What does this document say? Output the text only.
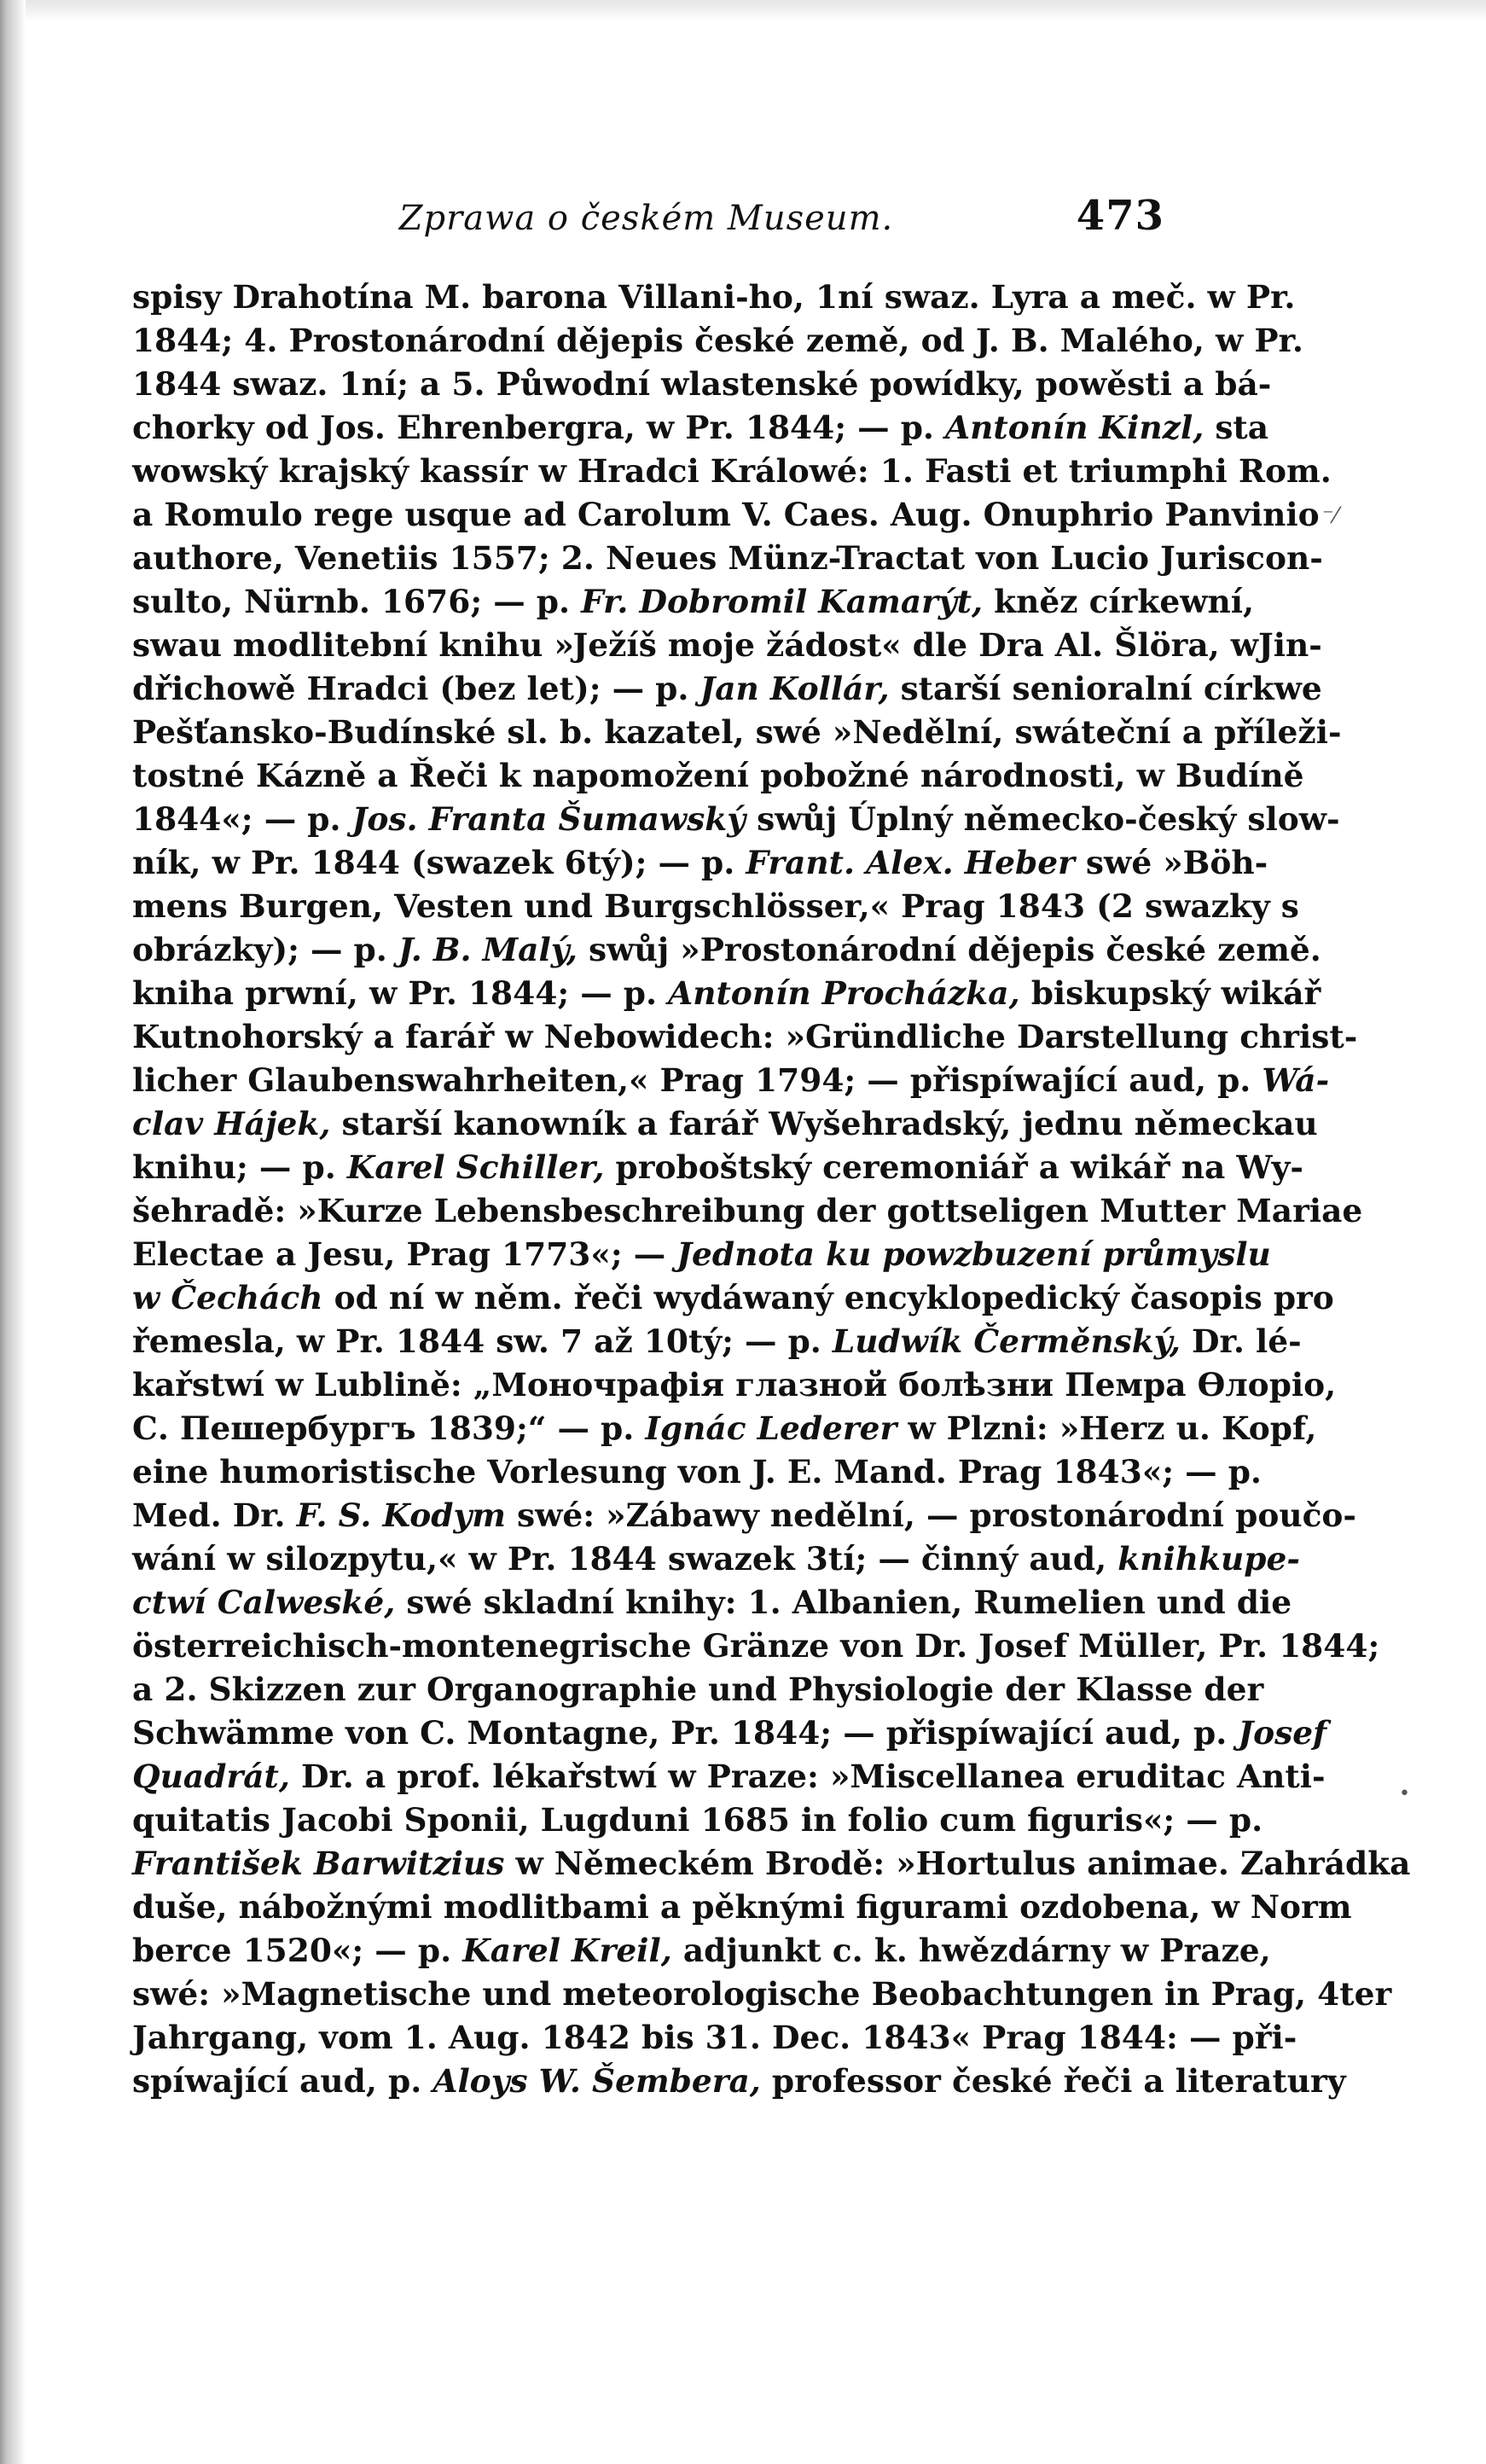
⁻⁄
•
Zprawa o českém Museum.	473
spisy Drahotína M. barona Villani-ho, 1ní swaz. Lyra a meč. w Pr.
1844; 4. Prostonárodní dějepis české země, od J. B. Malého, w Pr.
1844 swaz. 1ní; a 5. Půwodní wlastenské powídky, powěsti a bá-
chorky od Jos. Ehrenbergra, w Pr. 1844; — p. Antonín Kinzl, sta
wowský krajský kassír w Hradci Králowé: 1. Fasti et triumphi Rom.
a Romulo rege usque ad Carolum V. Caes. Aug. Onuphrio Panvinio
authore, Venetiis 1557; 2. Neues Münz-Tractat von Lucio Juriscon-
sulto, Nürnb. 1676; — p. Fr. Dobromil Kamarýt, kněz církewní,
swau modlitební knihu »Ježíš moje žádost« dle Dra Al. Šlöra, wJin-
dřichowě Hradci (bez let); — p. Jan Kollár, starší senioralní církwe
Pešťansko-Budínské sl. b. kazatel, swé »Nedělní, swáteční a příleži-
tostné Kázně a Řeči k napomožení pobožné národnosti, w Budíně
1844«; — p. Jos. Franta Šumawský swůj Úplný německo-český slow-
ník, w Pr. 1844 (swazek 6tý); — p. Frant. Alex. Heber swé »Böh-
mens Burgen, Vesten und Burgschlösser,« Prag 1843 (2 swazky s
obrázky); — p. J. B. Malý, swůj »Prostonárodní dějepis české země.
kniha prwní, w Pr. 1844; — p. Antonín Procházka, biskupský wikář
Kutnohorský a farář w Nebowidech: »Gründliche Darstellung christ-
licher Glaubenswahrheiten,« Prag 1794; — přispíwající aud, p. Wá-
clav Hájek, starší kanowník a farář Wyšehradský, jednu německau
knihu; — p. Karel Schiller, proboštský ceremoniář a wikář na Wy-
šehradě: »Kurze Lebensbeschreibung der gottseligen Mutter Mariae
Electae a Jesu, Prag 1773«; — Jednota ku powzbuzení průmyslu
w Čechách od ní w něm. řeči wydáwaný encyklopedický časopis pro
řemesla, w Pr. 1844 sw. 7 až 10tý; — p. Ludwík Čerměnský, Dr. lé-
kařstwí w Lublině: „Моночрафія глазной болѣзни Пемра Өлорio,
С. Пешербургъ 1839;“ — p. Ignác Lederer w Plzni: »Herz u. Kopf,
eine humoristische Vorlesung von J. E. Mand. Prag 1843«; — p.
Med. Dr. F. S. Kodym swé: »Zábawy nedělní, — prostonárodní poučo-
wání w silozpytu,« w Pr. 1844 swazek 3tí; — činný aud, knihkupe-
ctwí Calweské, swé skladní knihy: 1. Albanien, Rumelien und die
österreichisch-montenegrische Gränze von Dr. Josef Müller, Pr. 1844;
a 2. Skizzen zur Organographie und Physiologie der Klasse der
Schwämme von C. Montagne, Pr. 1844; — přispíwající aud, p. Josef
Quadrát, Dr. a prof. lékařstwí w Praze: »Miscellanea eruditac Anti-
quitatis Jacobi Sponii, Lugduni 1685 in folio cum figuris«; — p.
František Barwitzius w Německém Brodě: »Hortulus animae. Zahrádka
duše, nábožnými modlitbami a pěknými figurami ozdobena, w Norm
berce 1520«; — p. Karel Kreil, adjunkt c. k. hwězdárny w Praze,
swé: »Magnetische und meteorologische Beobachtungen in Prag, 4ter
Jahrgang, vom 1. Aug. 1842 bis 31. Dec. 1843« Prag 1844: — při-
spíwající aud, p. Aloys W. Šembera, professor české řeči a literatury
